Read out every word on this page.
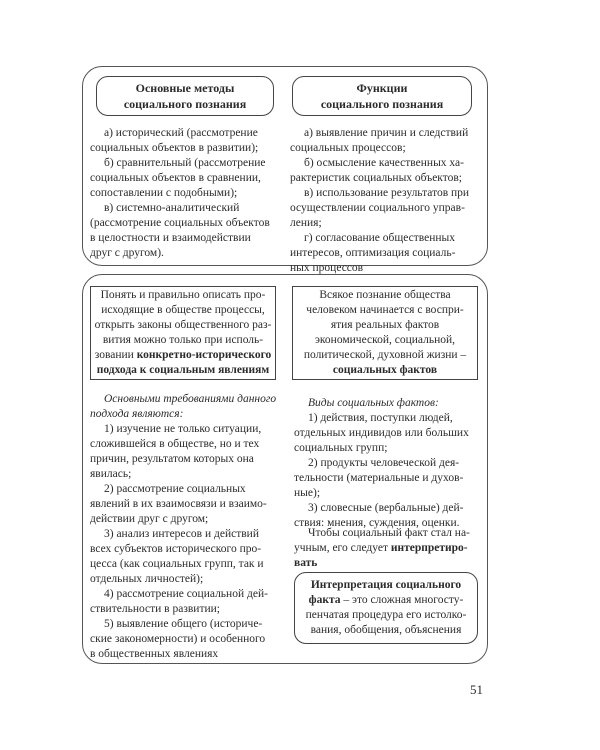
Основные методы
социального познания
Функции
социального познания
а) исторический (рассмотрение
социальных объектов в развитии);
б) сравнительный (рассмотрение
социальных объектов в сравнении,
сопоставлении с подобными);
в) системно-аналитический
(рассмотрение социальных объектов
в целостности и взаимодействии
друг с другом).
а) выявление причин и следствий
социальных процессов;
б) осмысление качественных ха-
рактеристик социальных объектов;
в) использование результатов при
осуществлении социального управ-
ления;
г) согласование общественных
интересов, оптимизация социаль-
ных процессов
Понять и правильно описать про-
исходящие в обществе процессы,
открыть законы общественного раз-
вития можно только при исполь-
зовании конкретно-исторического
подхода к социальным явлениям
Всякое познание общества
человеком начинается с воспри-
ятия реальных фактов
экономической, социальной,
политической, духовной жизни –
социальных фактов
Основными требованиями данного
подхода являются:
1) изучение не только ситуации,
сложившейся в обществе, но и тех
причин, результатом которых она
явилась;
2) рассмотрение социальных
явлений в их взаимосвязи и взаимо-
действии друг с другом;
3) анализ интересов и действий
всех субъектов исторического про-
цесса (как социальных групп, так и
отдельных личностей);
4) рассмотрение социальной дей-
ствительности в развитии;
5) выявление общего (историче-
ские закономерности) и особенного
в общественных явлениях
Виды социальных фактов:
1) действия, поступки людей,
отдельных индивидов или больших
социальных групп;
2) продукты человеческой дея-
тельности (материальные и духов-
ные);
3) словесные (вербальные) дей-
ствия: мнения, суждения, оценки.
Чтобы социальный факт стал на-
учным, его следует интерпретиро-
вать
Интерпретация социального
факта – это сложная многосту-
пенчатая процедура его истолко-
вания, обобщения, объяснения
51
